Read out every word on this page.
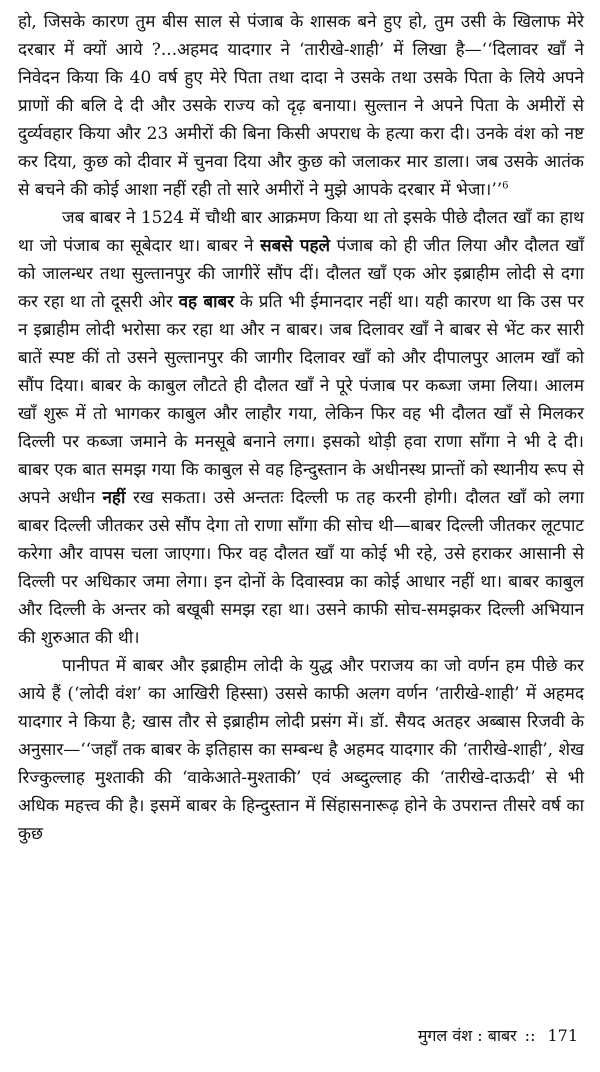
हो, जिसके कारण तुम बीस साल से पंजाब के शासक बने हुए हो, तुम उसी के खिलाफ मेरे दरबार में क्यों आये ?...अहमद यादगार ने ‘तारीखे-शाही’ में लिखा है—‘‘दिलावर खाँ ने निवेदन किया कि 40 वर्ष हुए मेरे पिता तथा दादा ने उसके तथा उसके पिता के लिये अपने प्राणों की बलि दे दी और उसके राज्य को दृढ़ बनाया। सुल्तान ने अपने पिता के अमीरों से दुर्व्यवहार किया और 23 अमीरों की बिना किसी अपराध के हत्या करा दी। उनके वंश को नष्ट कर दिया, कुछ को दीवार में चुनवा दिया और कुछ को जलाकर मार डाला। जब उसके आतंक से बचने की कोई आशा नहीं रही तो सारे अमीरों ने मुझे आपके दरबार में भेजा।’’$^6$

जब बाबर ने 1524 में चौथी बार आक्रमण किया था तो इसके पीछे दौलत खाँ का हाथ था जो पंजाब का सूबेदार था। बाबर ने सबसे पहले पंजाब को ही जीत लिया और दौलत खाँ को जालन्धर तथा सुल्तानपुर की जागीरें सौंप दीं। दौलत खाँ एक ओर इब्राहीम लोदी से दगा कर रहा था तो दूसरी ओर वह बाबर के प्रति भी ईमानदार नहीं था। यही कारण था कि उस पर न इब्राहीम लोदी भरोसा कर रहा था और न बाबर। जब दिलावर खाँ ने बाबर से भेंट कर सारी बातें स्पष्ट कीं तो उसने सुल्तानपुर की जागीर दिलावर खाँ को और दीपालपुर आलम खाँ को सौंप दिया। बाबर के काबुल लौटते ही दौलत खाँ ने पूरे पंजाब पर कब्जा जमा लिया। आलम खाँ शुरू में तो भागकर काबुल और लाहौर गया, लेकिन फिर वह भी दौलत खाँ से मिलकर दिल्ली पर कब्जा जमाने के मनसूबे बनाने लगा। इसको थोड़ी हवा राणा साँगा ने भी दे दी। बाबर एक बात समझ गया कि काबुल से वह हिन्दुस्तान के अधीनस्थ प्रान्तों को स्थानीय रूप से अपने अधीन नहीं रख सकता। उसे अन्ततः दिल्ली फ तह करनी होगी। दौलत खाँ को लगा बाबर दिल्ली जीतकर उसे सौंप देगा तो राणा साँगा की सोच थी—बाबर दिल्ली जीतकर लूटपाट करेगा और वापस चला जाएगा। फिर वह दौलत खाँ या कोई भी रहे, उसे हराकर आसानी से दिल्ली पर अधिकार जमा लेगा। इन दोनों के दिवास्वप्न का कोई आधार नहीं था। बाबर काबुल और दिल्ली के अन्तर को बखूबी समझ रहा था। उसने काफी सोच-समझकर दिल्ली अभियान की शुरुआत की थी।

पानीपत में बाबर और इब्राहीम लोदी के युद्ध और पराजय का जो वर्णन हम पीछे कर आये हैं (‘लोदी वंश’ का आखिरी हिस्सा) उससे काफी अलग वर्णन ‘तारीखे-शाही’ में अहमद यादगार ने किया है; खास तौर से इब्राहीम लोदी प्रसंग में। डॉ. सैयद अतहर अब्बास रिजवी के अनुसार—‘‘जहाँ तक बाबर के इतिहास का सम्बन्ध है अहमद यादगार की ‘तारीखे-शाही’, शेख रिज्कुल्लाह मुश्ताकी की ‘वाकेआते-मुश्ताकी’ एवं अब्दुल्लाह की ‘तारीखे-दाऊदी’ से भी अधिक महत्त्व की है। इसमें बाबर के हिन्दुस्तान में सिंहासनारूढ़ होने के उपरान्त तीसरे वर्ष का कुछ

मुगल वंश : बाबर :: 171
